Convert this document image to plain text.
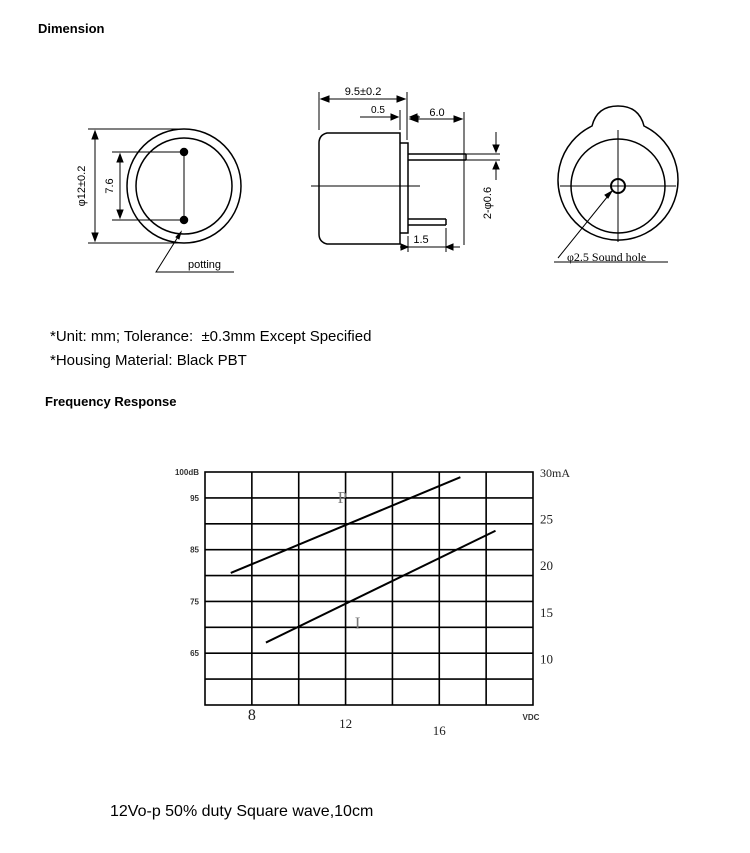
Dimension
φ12±0.2 7.6
potting
9.5±0.2
0.5	6.0
2-φ0.6
1.5
φ2.5 Sound hole
*Unit: mm; Tolerance:  ±0.3mm Except Specified
*Housing Material: Black PBT
Frequency Response
100dB
95
85
75
65
30mA
25
20
15
10
8	12	16
VDC
P
I
12Vo-p 50% duty Square wave,10cm
